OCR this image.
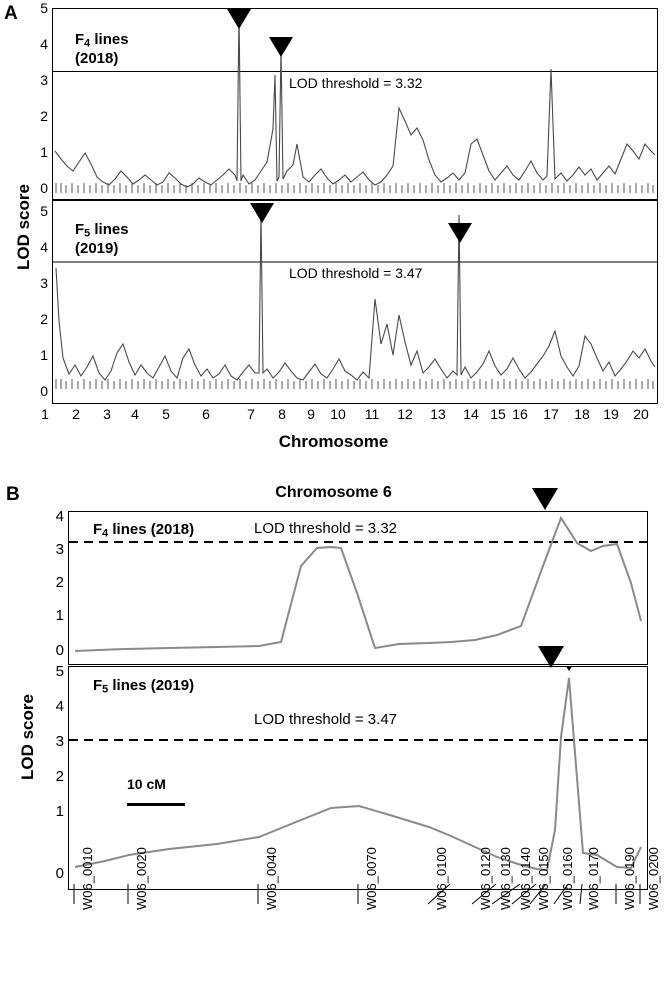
A
LOD score
5
4
3
2
1
0
5
4
3
2
1
0
LOD threshold = 3.32
$F_4$ lines
(2018)
LOD threshold = 3.47
$F_5$ lines
(2019)
1	2	3	4	5	6	7	8	9	10 11 12 13 14 15 16 17 18 19 20
Chromosome
B	Chromosome 6
LOD score
4
3
2
1
0
5
4
3
2
1
0
LOD threshold = 3.32
$F_4$ lines (2018)
LOD threshold = 3.47
$F_5$ lines (2019)
10 cM
W06_0010	W06_0020	W06_0040	W06_0070	W06_0100 W06_0120 W06_0130 W06_0140 W06_0150 W06_0160 W06_0170 W06_0190 W06_0200
